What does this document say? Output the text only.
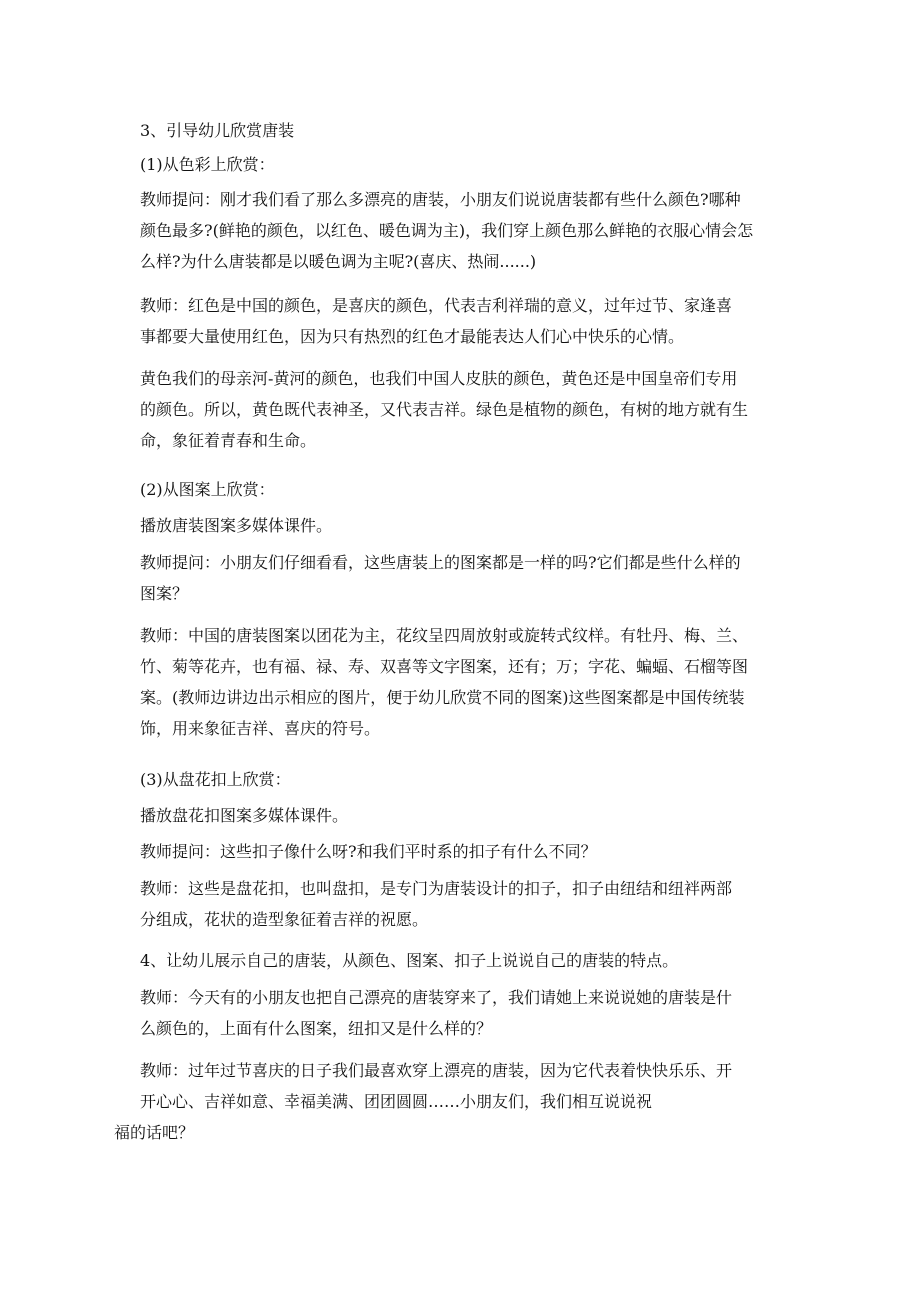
3、引导幼儿欣赏唐装

(1)从色彩上欣赏：

教师提问：刚才我们看了那么多漂亮的唐装，小朋友们说说唐装都有些什么颜色?哪种
颜色最多?(鲜艳的颜色，以红色、暖色调为主)，我们穿上颜色那么鲜艳的衣服心情会怎
么样?为什么唐装都是以暖色调为主呢?(喜庆、热闹......)

教师：红色是中国的颜色，是喜庆的颜色，代表吉利祥瑞的意义，过年过节、家逢喜
事都要大量使用红色，因为只有热烈的红色才最能表达人们心中快乐的心情。

黄色我们的母亲河-黄河的颜色，也我们中国人皮肤的颜色，黄色还是中国皇帝们专用
的颜色。所以，黄色既代表神圣，又代表吉祥。绿色是植物的颜色，有树的地方就有生
命，象征着青春和生命。

(2)从图案上欣赏：

播放唐装图案多媒体课件。

教师提问：小朋友们仔细看看，这些唐装上的图案都是一样的吗?它们都是些什么样的
图案？

教师：中国的唐装图案以团花为主，花纹呈四周放射或旋转式纹样。有牡丹、梅、兰、
竹、菊等花卉，也有福、禄、寿、双喜等文字图案，还有；万；字花、蝙蝠、石榴等图
案。(教师边讲边出示相应的图片，便于幼儿欣赏不同的图案)这些图案都是中国传统装
饰，用来象征吉祥、喜庆的符号。

(3)从盘花扣上欣赏：

播放盘花扣图案多媒体课件。

教师提问：这些扣子像什么呀?和我们平时系的扣子有什么不同？

教师：这些是盘花扣，也叫盘扣，是专门为唐装设计的扣子，扣子由纽结和纽袢两部
分组成，花状的造型象征着吉祥的祝愿。

4、让幼儿展示自己的唐装，从颜色、图案、扣子上说说自己的唐装的特点。

教师：今天有的小朋友也把自己漂亮的唐装穿来了，我们请她上来说说她的唐装是什
么颜色的，上面有什么图案，纽扣又是什么样的？

教师：过年过节喜庆的日子我们最喜欢穿上漂亮的唐装，因为它代表着快快乐乐、开
开心心、吉祥如意、幸福美满、团团圆圆……小朋友们，我们相互说说祝
福的话吧？
